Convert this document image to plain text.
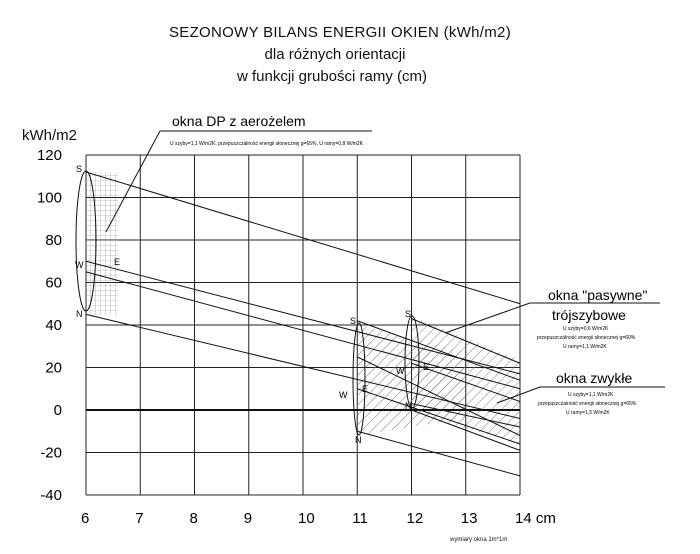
SEZONOWY BILANS ENERGII OKIEN (kWh/m2)
dla różnych orientacji
w funkcji grubości ramy (cm)
kWh/m2
S
W	E
N
S
W
E
N
S
W E
N
okna DP z aerożelem
U szyby=1,1 W/m2K, przepuszczalność energii słonecznej g=65%, U ramy=0,8 W/m2K
okna "pasywne"
trójszybowe
U szyby=0,6 W/m2K
przepuszczalność energii słonecznej g=60%
U ramy=1,1 W/m2K
okna zwykłe
U szyby=1,1 W/m2K
przepuszczalność energii słonecznej g=65%
U ramy=1,5 W/m2K
120
100
80
60
40
20
0
-20
-40
6	7	8	9	10	11	12	13	14 cm
wymiary okna 1m*1m
